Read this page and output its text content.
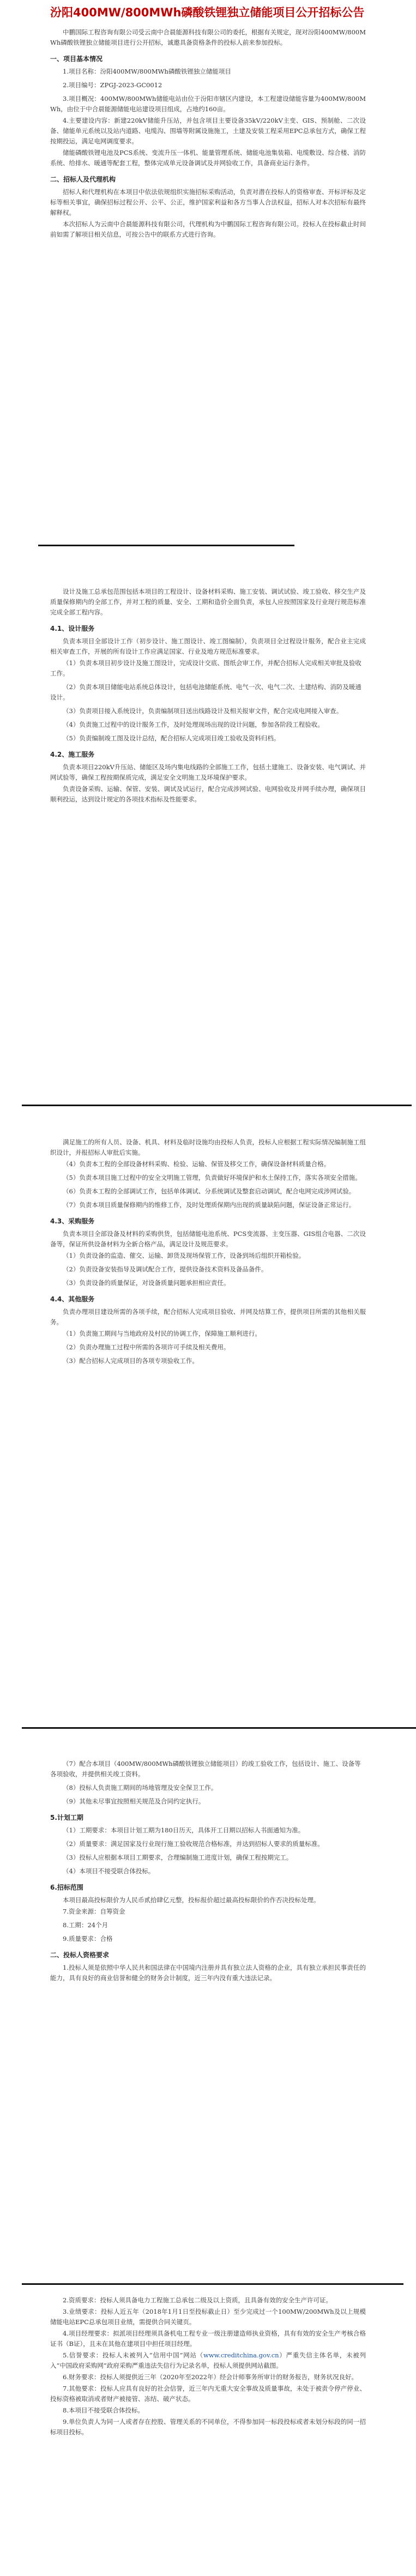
汾阳400MW/800MWh磷酸铁锂独立储能项目公开招标公告

中鹏国际工程咨询有限公司受云南中合晨能源科技有限公司的委托，根据有关规定，现对汾阳400MW/800MWh磷酸铁锂独立储能项目进行公开招标，诚邀具备资格条件的投标人前来参加投标。

一、项目基本情况

1.项目名称：汾阳400MW/800MWh磷酸铁锂独立储能项目

2.项目编号：ZPGJ-2023-GC0012

3.项目概况：400MW/800MWh储能电站由位于汾阳市辖区内建设，本工程建设储能容量为400MW/800MWh，由位于中合晨能源储能电站建设项目组成，占地约160亩。

4.主要建设内容：新建220kV储能升压站，并包含项目主要设备35kV/220kV主变、GIS、预制舱、二次设备、储能单元系统以及站内道路、电缆沟、围墙等附属设施施工，土建及安装工程采用EPC总承包方式，确保工程按期投运，满足电网调度要求。

储能磷酸铁锂电池及PCS系统、变流升压一体机、能量管理系统、储能电池集装箱、电缆敷设、综合楼、消防系统、给排水、暖通等配套工程，整体完成单元设备调试及并网验收工作，具备商业运行条件。

二、招标人及代理机构

招标人和代理机构在本项目中依法依规组织实施招标采购活动，负责对潜在投标人的资格审查、开标评标及定标等相关事宜，确保招标过程公开、公平、公正，维护国家利益和各方当事人合法权益，招标人对本次招标有最终解释权。

本次招标人为云南中合晨能源科技有限公司，代理机构为中鹏国际工程咨询有限公司。投标人在投标截止时间前如需了解项目相关信息，可按公告中的联系方式进行咨询。

设计及施工总承包范围包括本项目的工程设计、设备材料采购、施工安装、调试试验、竣工验收、移交生产及质量保修期内的全部工作，并对工程的质量、安全、工期和造价全面负责，承包人应按照国家及行业现行规范标准完成全部工程内容。

4.1、设计服务

负责本项目全部设计工作（初步设计、施工图设计、竣工图编制），负责项目全过程设计服务，配合业主完成相关审查工作，开展的所有设计工作应满足国家、行业及地方规范标准要求。

（1）负责本项目初步设计及施工图设计，完成设计交底、图纸会审工作，并配合招标人完成相关审批及验收工作。

（2）负责本项目储能电站系统总体设计，包括电池储能系统、电气一次、电气二次、土建结构、消防及暖通设计。

（3）负责项目接入系统设计，负责编制项目送出线路设计及相关报审文件，配合完成电网接入审查。

（4）负责施工过程中的设计服务工作，及时处理现场出现的设计问题，参加各阶段工程验收。

（5）负责编制竣工图及设计总结，配合招标人完成项目竣工验收及资料归档。

4.2、施工服务

负责本项目220kV升压站、储能区及场内集电线路的全部施工工作，包括土建施工、设备安装、电气调试、并网试验等，确保工程按期保质完成，满足安全文明施工及环境保护要求。

负责设备采购、运输、保管、安装、调试及试运行，配合完成涉网试验、电网验收及并网手续办理，确保项目顺利投运，达到设计规定的各项技术指标及性能要求。

满足施工的所有人员、设备、机具、材料及临时设施均由投标人负责，投标人应根据工程实际情况编制施工组织设计，并报招标人审批后实施。

（4）负责本工程的全部设备材料采购、检验、运输、保管及移交工作，确保设备材料质量合格。

（5）负责本项目施工过程中的安全文明施工管理，负责做好环境保护和水土保持工作，落实各项安全措施。

（6）负责本工程的全部调试工作，包括单体调试、分系统调试及整套启动调试，配合电网完成涉网试验。

（7）负责本项目质量保修期内的维修工作，及时处理质保期内出现的质量缺陷问题，保证设备正常运行。

4.3、采购服务

负责本项目全部设备及材料的采购供货，包括储能电池系统、PCS变流器、主变压器、GIS组合电器、二次设备等，保证所供设备材料为全新合格产品，满足设计及规范要求。

（1）负责设备的监造、催交、运输、卸货及现场保管工作，设备到场后组织开箱检验。

（2）负责设备安装指导及调试配合工作，提供设备技术资料及备品备件。

（3）负责设备的质量保证，对设备质量问题承担相应责任。

4.4、其他服务

负责办理项目建设所需的各项手续，配合招标人完成项目验收、并网及结算工作，提供项目所需的其他相关服务。

（1）负责施工期间与当地政府及村民的协调工作，保障施工顺利进行。

（2）负责办理施工过程中所需的各项许可手续及相关费用。

（3）配合招标人完成项目的各项专项验收工作。

（7）配合本项目（400MW/800MWh磷酸铁锂独立储能项目）的竣工验收工作，包括设计、施工、设备等各项验收，并提供相关竣工资料。

（8）投标人负责施工期间的场地管理及安全保卫工作。

（9）其他未尽事宜按照相关规范及合同约定执行。

5.计划工期

（1）工期要求：本项目计划工期为180日历天，具体开工日期以招标人书面通知为准。

（2）质量要求：满足国家及行业现行施工验收规范合格标准，并达到招标人要求的质量标准。

（3）投标人应根据本项目工期要求，合理编制施工进度计划，确保工程按期完工。

（4）本项目不接受联合体投标。

6.招标范围

本项目最高投标限价为人民币贰拾肆亿元整，投标报价超过最高投标限价的作否决投标处理。

7.资金来源：自筹资金

8.工期：24个月

9.质量要求：合格

二、投标人资格要求

1.投标人须是依照中华人民共和国法律在中国境内注册并具有独立法人资格的企业，具有独立承担民事责任的能力，具有良好的商业信誉和健全的财务会计制度，近三年内没有重大违法记录。

2.资质要求：投标人须具备电力工程施工总承包二级及以上资质，且具备有效的安全生产许可证。

3.业绩要求：投标人近五年（2018年1月1日至投标截止日）至少完成过一个100MW/200MWh及以上规模储能电站EPC总承包项目业绩，需提供合同关键页。

4.项目经理要求：拟派项目经理须具备机电工程专业一级注册建造师执业资格，具有有效的安全生产考核合格证书（B证），且未在其他在建项目中担任项目经理。

5.信誉要求：投标人未被列入“信用中国”网站（www.creditchina.gov.cn）严重失信主体名单，未被列入“中国政府采购网”政府采购严重违法失信行为记录名单，投标人须提供网站截图。

6.财务要求：投标人须提供近三年（2020年至2022年）经会计师事务所审计的财务报告，财务状况良好。

7.其他要求：投标人应具有良好的社会信誉，近三年内无重大安全事故及质量事故，未处于被责令停产停业、投标资格被取消或者财产被接管、冻结、破产状态。

8.本项目不接受联合体投标。

9.单位负责人为同一人或者存在控股、管理关系的不同单位，不得参加同一标段投标或者未划分标段的同一招标项目投标。
